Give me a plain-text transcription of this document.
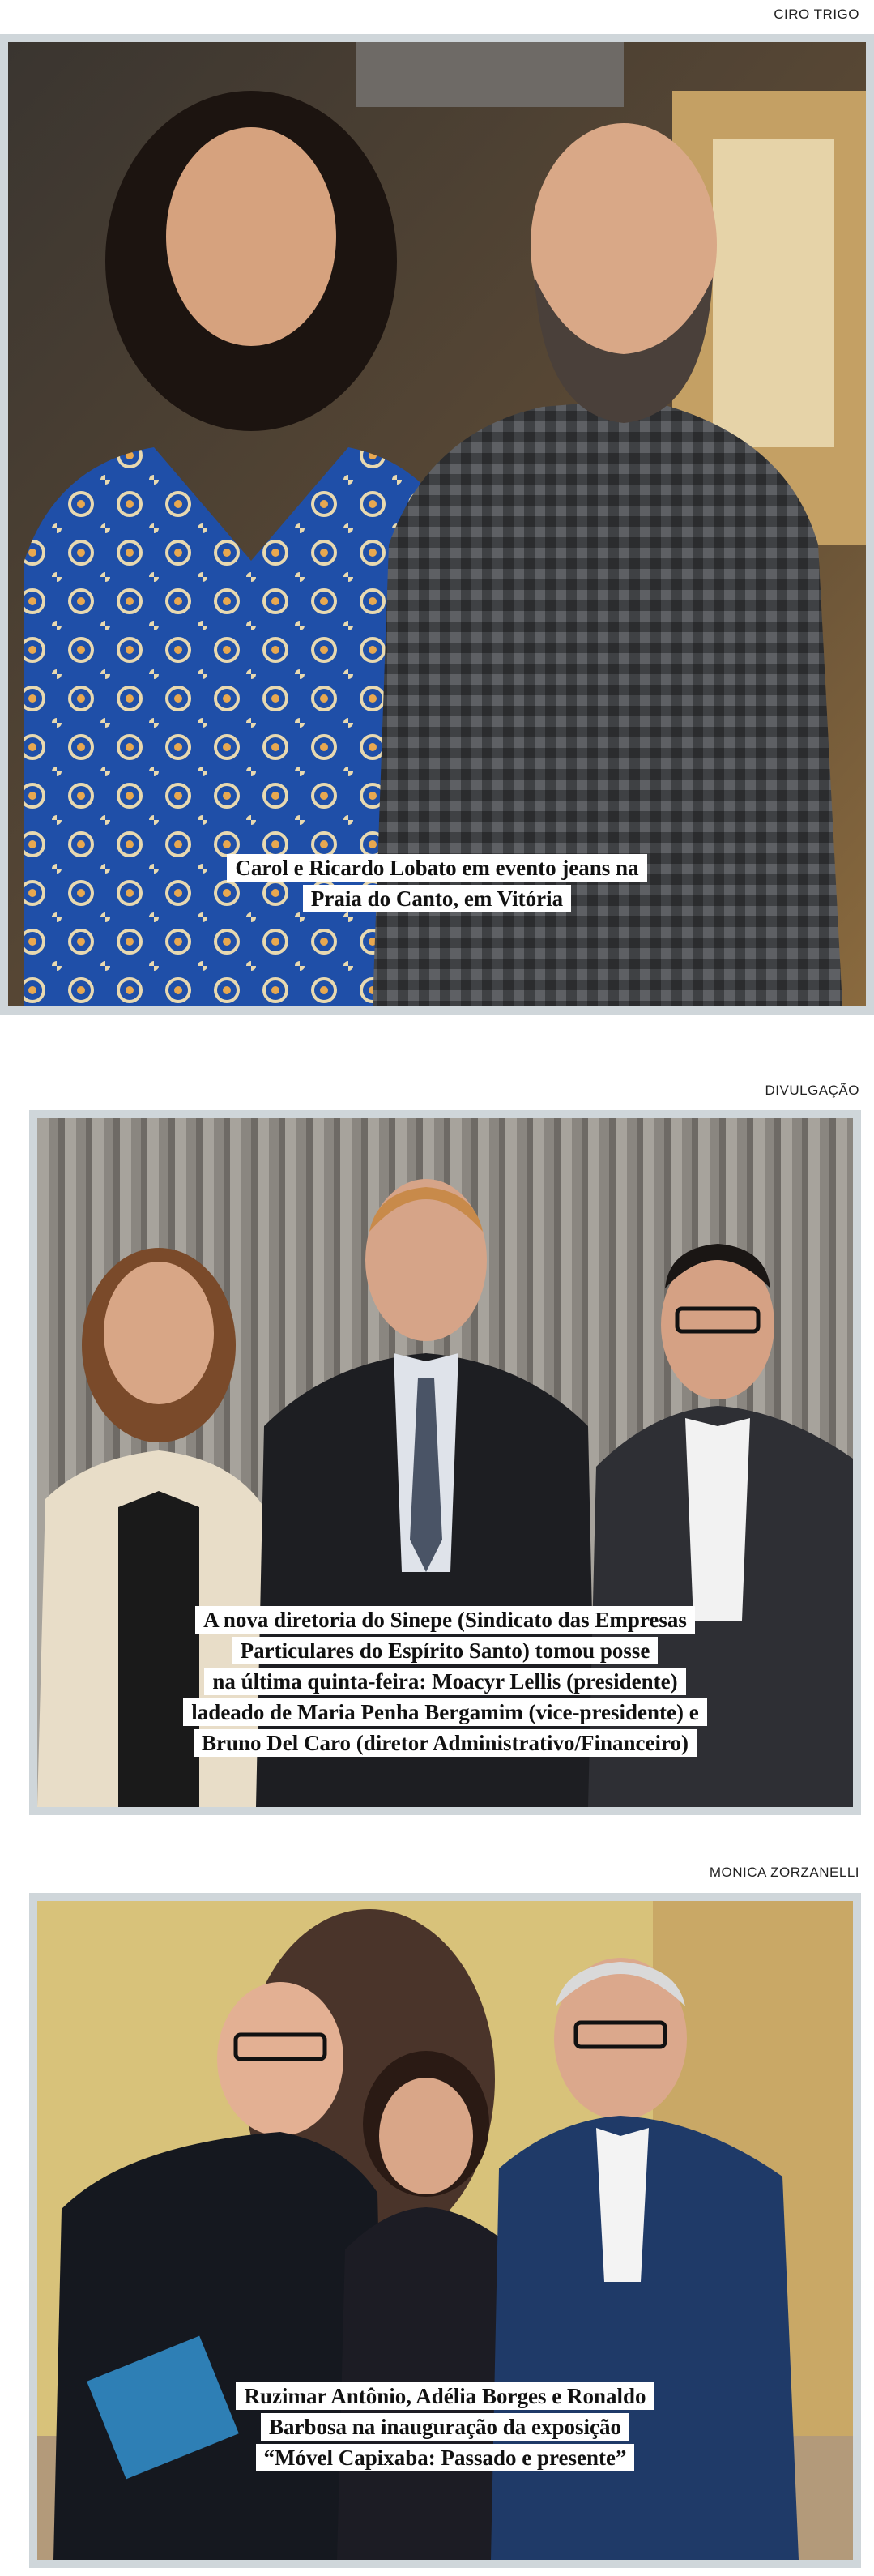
CIRO TRIGO
Carol e Ricardo Lobato em evento jeans na
Praia do Canto, em Vitória
DIVULGAÇÃO
A nova diretoria do Sinepe (Sindicato das Empresas
Particulares do Espírito Santo) tomou posse
na última quinta-feira: Moacyr Lellis (presidente)
ladeado de Maria Penha Bergamim (vice-presidente) e
Bruno Del Caro (diretor Administrativo/Financeiro)
MONICA ZORZANELLI
Ruzimar Antônio, Adélia Borges e Ronaldo
Barbosa na inauguração da exposição
“Móvel Capixaba: Passado e presente”
